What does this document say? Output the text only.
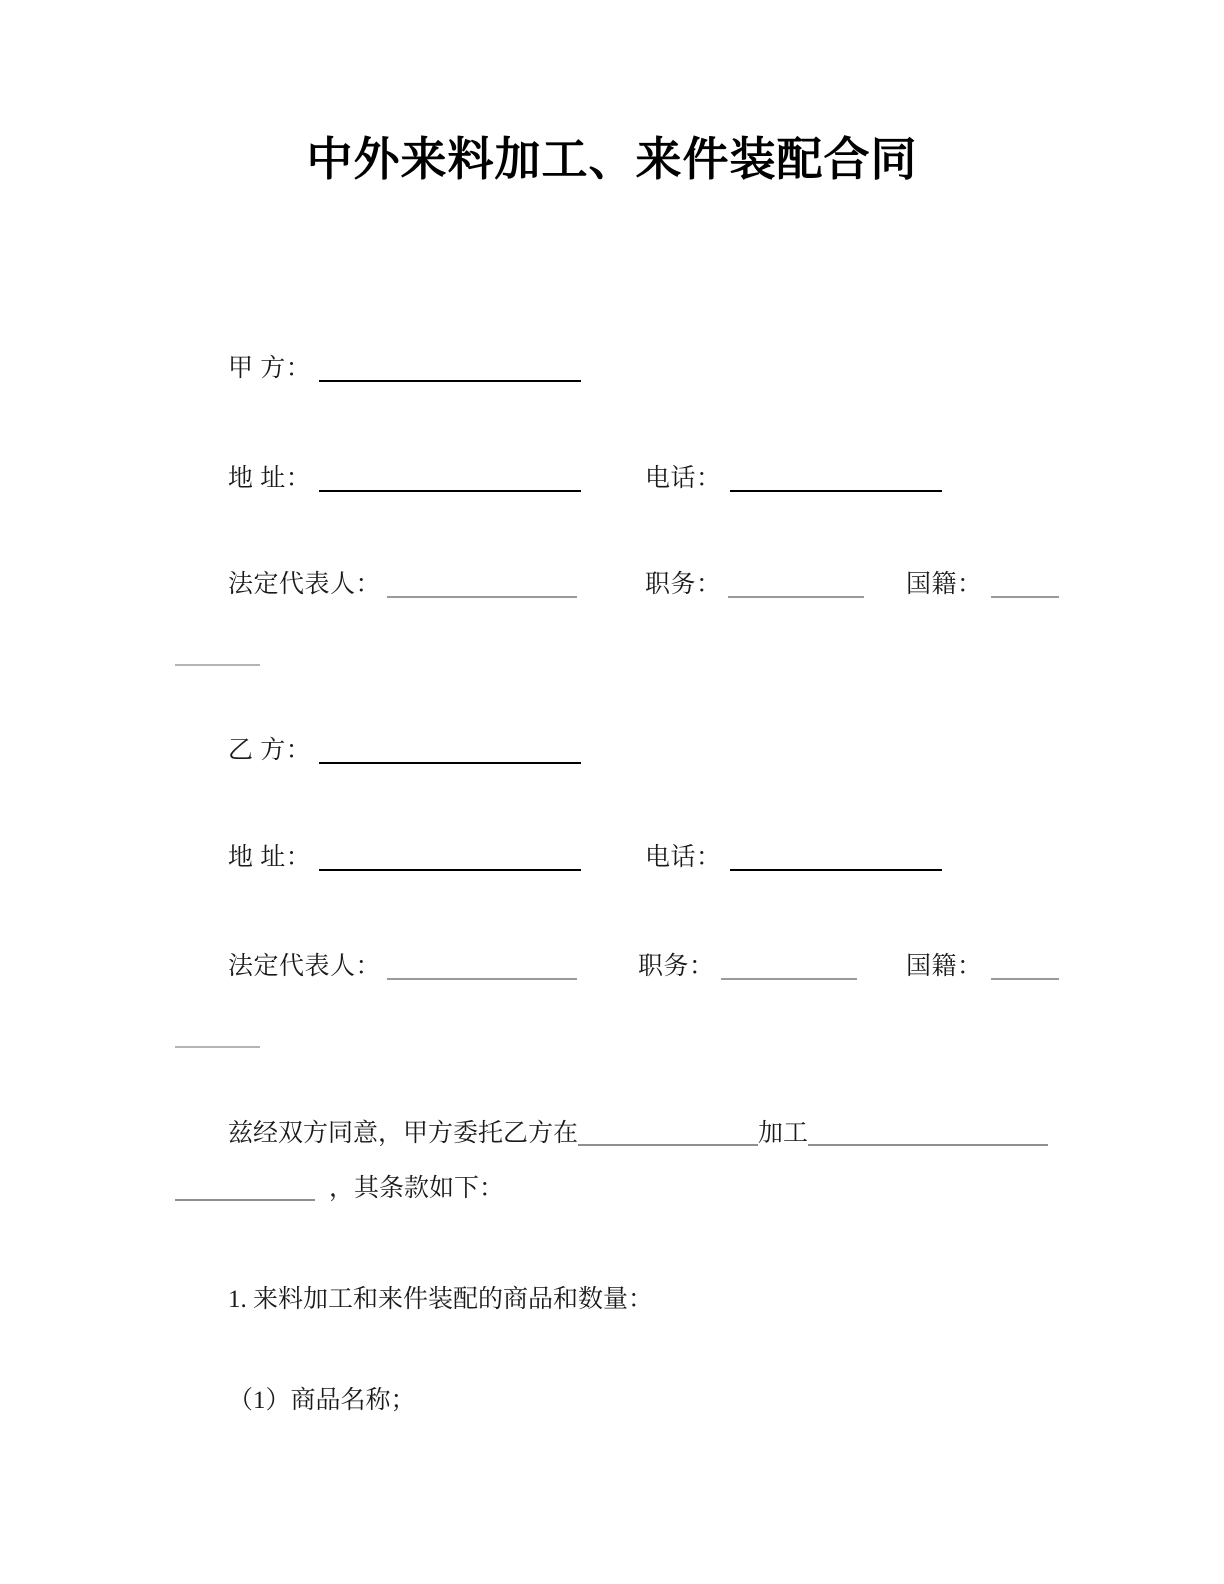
中外来料加工、来件装配合同
甲 方：
地 址：	电话：
法定代表人：	职务：	国籍：
乙 方：
地 址：	电话：
法定代表人：	职务：	国籍：
兹经双方同意，甲方委托乙方在	加工
，其条款如下：
1. 来料加工和来件装配的商品和数量：
（1）商品名称；
